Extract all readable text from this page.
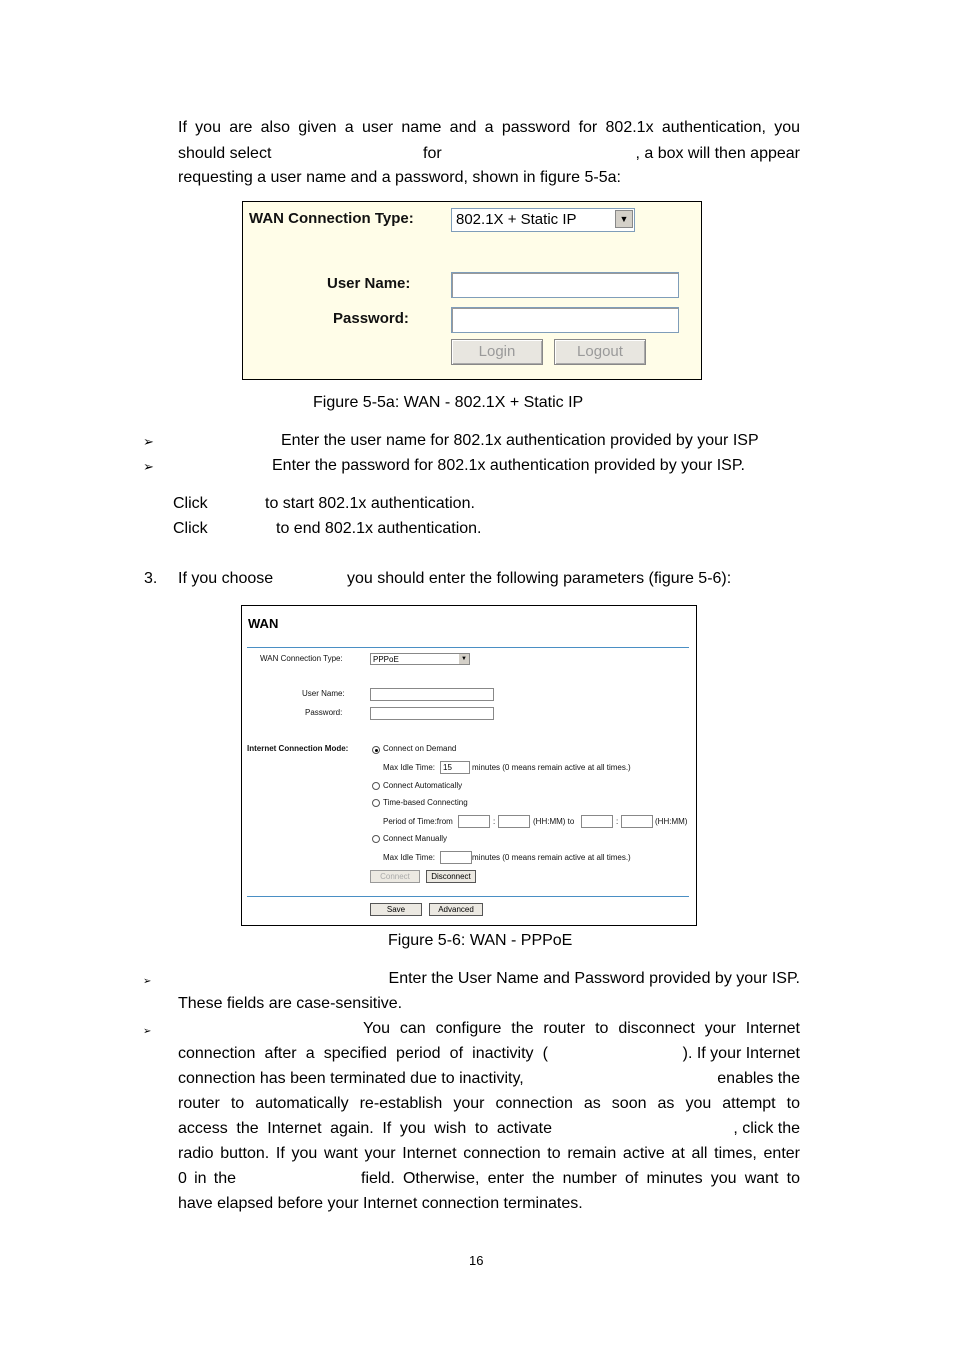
If you are also given a user name and a password for 802.1x authentication, you
should select	for	, a box will then appear
requesting a user name and a password, shown in figure 5-5a:
WAN Connection Type:	802.1X + Static IP	▼
User Name:
Password:
Login	Logout
Figure 5-5a: WAN - 802.1X + Static IP
➢	Enter the user name for 802.1x authentication provided by your ISP
➢	Enter the password for 802.1x authentication provided by your ISP.
Click	to start 802.1x authentication.
Click	to end 802.1x authentication.
3. If you choose	you should enter the following parameters (figure 5-6):
WAN
WAN Connection Type:	PPPoE	▼
User Name:
Password:
Internet Connection Mode:	Connect on Demand
Max Idle Time: 15	minutes (0 means remain active at all times.)
Connect Automatically
Time-based Connecting
Period of Time:from	:	(HH:MM) to	:	(HH:MM)
Connect Manually
Max Idle Time:	minutes (0 means remain active at all times.)
Connect	Disconnect
Save	Advanced
Figure 5-6: WAN - PPPoE
➢	Enter the User Name and Password provided by your ISP.
These fields are case-sensitive.
➢	You can configure the router to disconnect your Internet
connection after a specified period of inactivity (	). If your Internet
connection has been terminated due to inactivity,	enables the
router to automatically re-establish your connection as soon as you attempt to
access the Internet again. If you wish to activate	, click the
radio button. If you want your Internet connection to remain active at all times, enter
0 in the	field. Otherwise, enter the number of minutes you want to
have elapsed before your Internet connection terminates.
16
